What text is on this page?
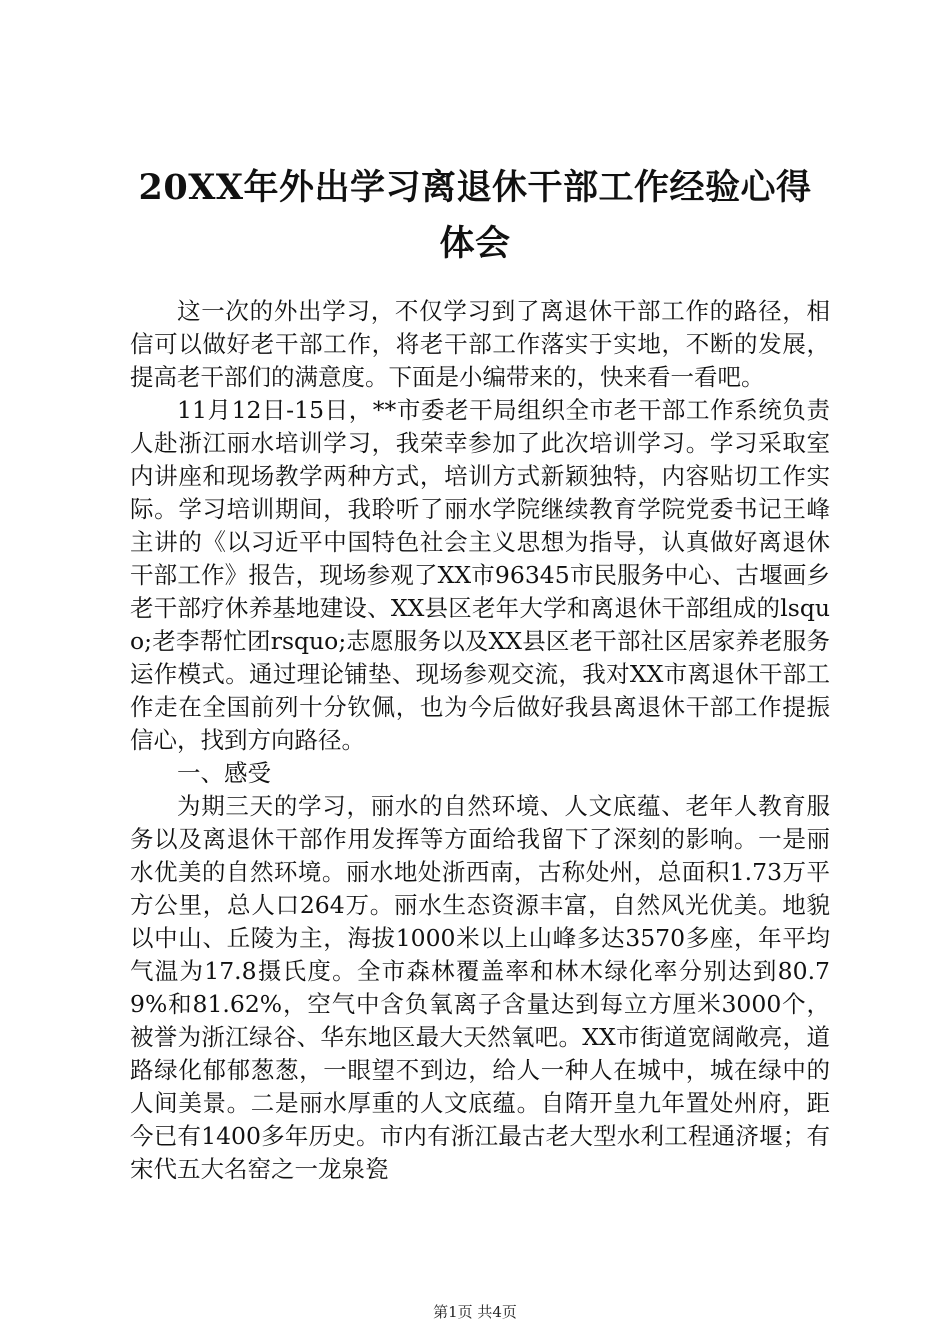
20XX年外出学习离退休干部工作经验心得体会

这一次的外出学习，不仅学习到了离退休干部工作的路径，相信可以做好老干部工作，将老干部工作落实于实地，不断的发展，提高老干部们的满意度。下面是小编带来的，快来看一看吧。

11月12日-15日，**市委老干局组织全市老干部工作系统负责人赴浙江丽水培训学习，我荣幸参加了此次培训学习。学习采取室内讲座和现场教学两种方式，培训方式新颖独特，内容贴切工作实际。学习培训期间，我聆听了丽水学院继续教育学院党委书记王峰主讲的《以习近平中国特色社会主义思想为指导，认真做好离退休干部工作》报告，现场参观了XX市96345市民服务中心、古堰画乡老干部疗休养基地建设、XX县区老年大学和离退休干部组成的lsquo;老李帮忙团rsquo;志愿服务以及XX县区老干部社区居家养老服务运作模式。通过理论铺垫、现场参观交流，我对XX市离退休干部工作走在全国前列十分钦佩，也为今后做好我县离退休干部工作提振信心，找到方向路径。

一、感受

为期三天的学习，丽水的自然环境、人文底蕴、老年人教育服务以及离退休干部作用发挥等方面给我留下了深刻的影响。一是丽水优美的自然环境。丽水地处浙西南，古称处州，总面积1.73万平方公里，总人口264万。丽水生态资源丰富，自然风光优美。地貌以中山、丘陵为主，海拔1000米以上山峰多达3570多座，年平均气温为17.8摄氏度。全市森林覆盖率和林木绿化率分别达到80.79%和81.62%，空气中含负氧离子含量达到每立方厘米3000个，被誉为浙江绿谷、华东地区最大天然氧吧。XX市街道宽阔敞亮，道路绿化郁郁葱葱，一眼望不到边，给人一种人在城中，城在绿中的人间美景。二是丽水厚重的人文底蕴。自隋开皇九年置处州府，距今已有1400多年历史。市内有浙江最古老大型水利工程通济堰；有宋代五大名窑之一龙泉瓷

第1页 共4页
